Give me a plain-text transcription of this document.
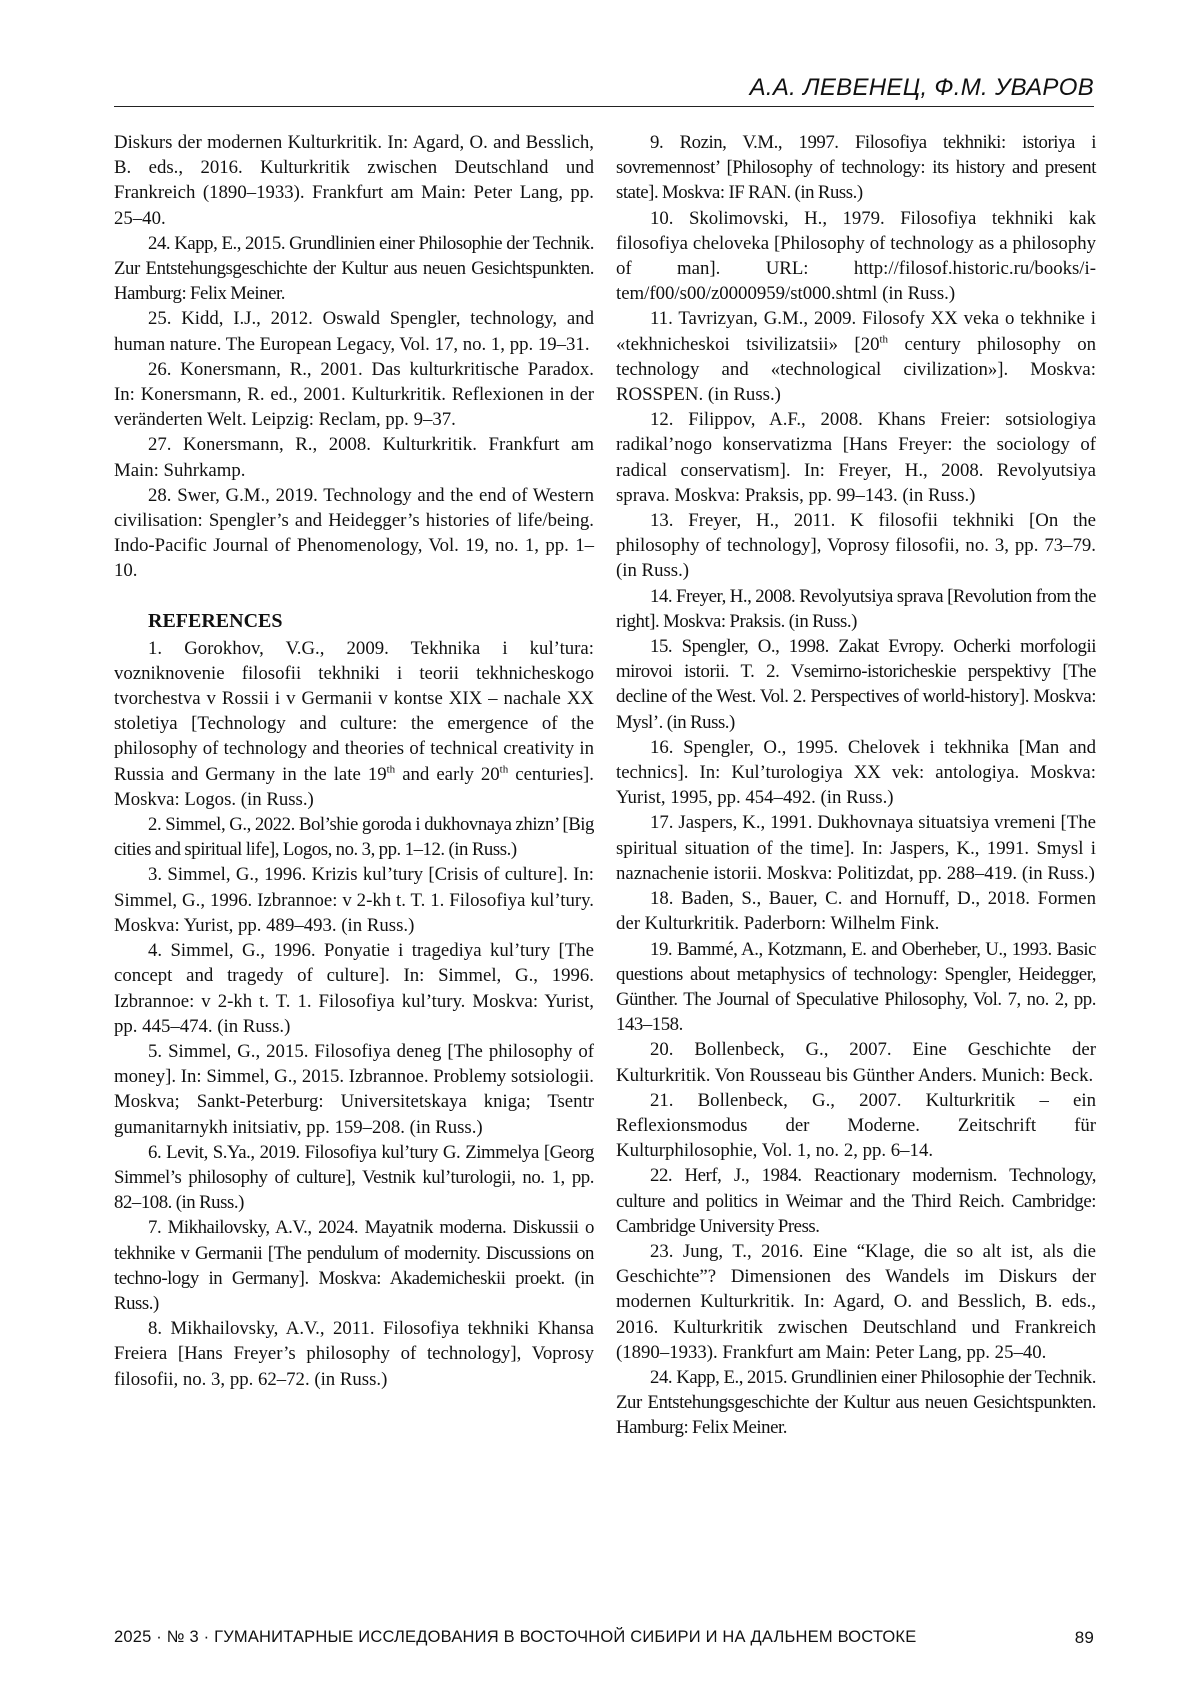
А.А. ЛЕВЕНЕЦ, Ф.М. УВАРОВ

Diskurs der modernen Kulturkritik. In: Agard, O. and Besslich, B. eds., 2016. Kulturkritik zwischen Deutschland und Frankreich (1890–1933). Frankfurt am Main: Peter Lang, pp. 25–40.

24. Kapp, E., 2015. Grundlinien einer Philosophie der Technik. Zur Entstehungsgeschichte der Kultur aus neuen Gesichtspunkten. Hamburg: Felix Meiner.

25. Kidd, I.J., 2012. Oswald Spengler, technology, and human nature. The European Legacy, Vol. 17, no. 1, pp. 19–31.

26. Konersmann, R., 2001. Das kulturkritische Paradox. In: Konersmann, R. ed., 2001. Kulturkritik. Reflexionen in der veränderten Welt. Leipzig: Reclam, pp. 9–37.

27. Konersmann, R., 2008. Kulturkritik. Frankfurt am Main: Suhrkamp.

28. Swer, G.M., 2019. Technology and the end of Western civilisation: Spengler’s and Heidegger’s histories of life/being. Indo-Pacific Journal of Phenomenology, Vol. 19, no. 1, pp. 1–10.

REFERENCES

1. Gorokhov, V.G., 2009. Tekhnika i kul’tura: vozniknovenie filosofii tekhniki i teorii tekhnicheskogo tvorchestva v Rossii i v Germanii v kontse XIX – nachale XX stoletiya [Technology and culture: the emergence of the philosophy of technology and theories of technical creativity in Russia and Germany in the late 19th and early 20th centuries]. Moskva: Logos. (in Russ.)

2. Simmel, G., 2022. Bol’shie goroda i dukhovnaya zhizn’ [Big cities and spiritual life], Logos, no. 3, pp. 1–12. (in Russ.)

3. Simmel, G., 1996. Krizis kul’tury [Crisis of culture]. In: Simmel, G., 1996. Izbrannoe: v 2-kh t. T. 1. Filosofiya kul’tury. Moskva: Yurist, pp. 489–493. (in Russ.)

4. Simmel, G., 1996. Ponyatie i tragediya kul’tury [The concept and tragedy of culture]. In: Simmel, G., 1996. Izbrannoe: v 2-kh t. T. 1. Filosofiya kul’tury. Moskva: Yurist, pp. 445–474. (in Russ.)

5. Simmel, G., 2015. Filosofiya deneg [The philosophy of money]. In: Simmel, G., 2015. Izbrannoe. Problemy sotsiologii. Moskva; Sankt-Peterburg: Universitetskaya kniga; Tsentr gumanitarnykh initsiativ, pp. 159–208. (in Russ.)

6. Levit, S.Ya., 2019. Filosofiya kul’tury G. Zimmelya [Georg Simmel’s philosophy of culture], Vestnik kul’turologii, no. 1, pp. 82–108. (in Russ.)

7. Mikhailovsky, A.V., 2024. Mayatnik moderna. Diskussii o tekhnike v Germanii [The pendulum of modernity. Discussions on techno-logy in Germany]. Moskva: Akademicheskii proekt. (in Russ.)

8. Mikhailovsky, A.V., 2011. Filosofiya tekhniki Khansa Freiera [Hans Freyer’s philosophy of technology], Voprosy filosofii, no. 3, pp. 62–72. (in Russ.)

9. Rozin, V.M., 1997. Filosofiya tekhniki: istoriya i sovremennost’ [Philosophy of technology: its history and present state]. Moskva: IF RAN. (in Russ.)

10. Skolimovski, H., 1979. Filosofiya tekhniki kak filosofiya cheloveka [Philosophy of technology as a philosophy of man]. URL: http://filosof.historic.ru/books/i-tem/f00/s00/z0000959/st000.shtml (in Russ.)

11. Tavrizyan, G.M., 2009. Filosofy XX veka o tekhnike i «tekhnicheskoi tsivilizatsii» [20th century philosophy on technology and «technological civilization»]. Moskva: ROSSPEN. (in Russ.)

12. Filippov, A.F., 2008. Khans Freier: sotsiologiya radikal’nogo konservatizma [Hans Freyer: the sociology of radical conservatism]. In: Freyer, H., 2008. Revolyutsiya sprava. Moskva: Praksis, pp. 99–143. (in Russ.)

13. Freyer, H., 2011. K filosofii tekhniki [On the philosophy of technology], Voprosy filosofii, no. 3, pp. 73–79. (in Russ.)

14. Freyer, H., 2008. Revolyutsiya sprava [Revolution from the right]. Moskva: Praksis. (in Russ.)

15. Spengler, O., 1998. Zakat Evropy. Ocherki morfologii mirovoi istorii. T. 2. Vsemirno-istoricheskie perspektivy [The decline of the West. Vol. 2. Perspectives of world-history]. Moskva: Mysl’. (in Russ.)

16. Spengler, O., 1995. Chelovek i tekhnika [Man and technics]. In: Kul’turologiya XX vek: antologiya. Moskva: Yurist, 1995, pp. 454–492. (in Russ.)

17. Jaspers, K., 1991. Dukhovnaya situatsiya vremeni [The spiritual situation of the time]. In: Jaspers, K., 1991. Smysl i naznachenie istorii. Moskva: Politizdat, pp. 288–419. (in Russ.)

18. Baden, S., Bauer, C. and Hornuff, D., 2018. Formen der Kulturkritik. Paderborn: Wilhelm Fink.

19. Bammé, A., Kotzmann, E. and Oberheber, U., 1993. Basic questions about metaphysics of technology: Spengler, Heidegger, Günther. The Journal of Speculative Philosophy, Vol. 7, no. 2, pp. 143–158.

20. Bollenbeck, G., 2007. Eine Geschichte der Kulturkritik. Von Rousseau bis Günther Anders. Munich: Beck.

21. Bollenbeck, G., 2007. Kulturkritik – ein Reflexionsmodus der Moderne. Zeitschrift für Kulturphilosophie, Vol. 1, no. 2, pp. 6–14.

22. Herf, J., 1984. Reactionary modernism. Technology, culture and politics in Weimar and the Third Reich. Cambridge: Cambridge University Press.

23. Jung, T., 2016. Eine “Klage, die so alt ist, als die Geschichte”? Dimensionen des Wandels im Diskurs der modernen Kulturkritik. In: Agard, O. and Besslich, B. eds., 2016. Kulturkritik zwischen Deutschland und Frankreich (1890–1933). Frankfurt am Main: Peter Lang, pp. 25–40.

24. Kapp, E., 2015. Grundlinien einer Philosophie der Technik. Zur Entstehungsgeschichte der Kultur aus neuen Gesichtspunkten. Hamburg: Felix Meiner.

2025 · № 3 · ГУМАНИТАРНЫЕ ИССЛЕДОВАНИЯ В ВОСТОЧНОЙ СИБИРИ И НА ДАЛЬНЕМ ВОСТОКЕ	89
